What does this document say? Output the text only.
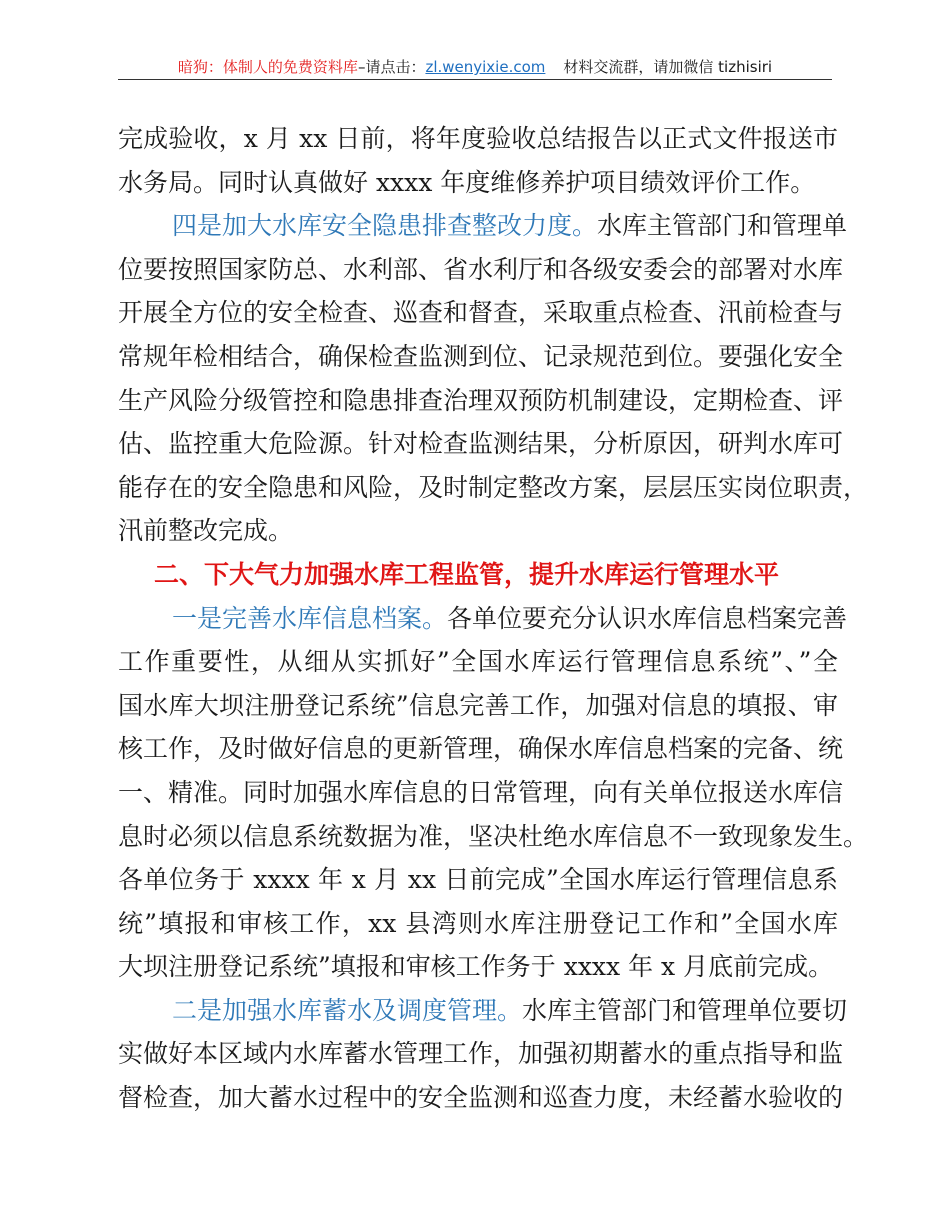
暗狗：体制人的免费资料库–请点击：zl.wenyixie.com 材料交流群，请加微信 tizhisiri
完成验收，x 月 xx 日前，将年度验收总结报告以正式文件报送市
水务局。同时认真做好 xxxx 年度维修养护项目绩效评价工作。
四是加大水库安全隐患排查整改力度。水库主管部门和管理单
位要按照国家防总、水利部、省水利厅和各级安委会的部署对水库
开展全方位的安全检查、巡查和督查，采取重点检查、汛前检查与
常规年检相结合，确保检查监测到位、记录规范到位。要强化安全
生产风险分级管控和隐患排查治理双预防机制建设，定期检查、评
估、监控重大危险源。针对检查监测结果，分析原因，研判水库可
能存在的安全隐患和风险，及时制定整改方案，层层压实岗位职责，
汛前整改完成。
二、下大气力加强水库工程监管，提升水库运行管理水平
一是完善水库信息档案。各单位要充分认识水库信息档案完善
工作重要性，从细从实抓好”全国水库运行管理信息系统”、”全
国水库大坝注册登记系统”信息完善工作，加强对信息的填报、审
核工作，及时做好信息的更新管理，确保水库信息档案的完备、统
一、精准。同时加强水库信息的日常管理，向有关单位报送水库信
息时必须以信息系统数据为准，坚决杜绝水库信息不一致现象发生。
各单位务于 xxxx 年 x 月 xx 日前完成”全国水库运行管理信息系
统”填报和审核工作，xx 县湾则水库注册登记工作和”全国水库
大坝注册登记系统”填报和审核工作务于 xxxx 年 x 月底前完成。
二是加强水库蓄水及调度管理。水库主管部门和管理单位要切
实做好本区域内水库蓄水管理工作，加强初期蓄水的重点指导和监
督检查，加大蓄水过程中的安全监测和巡查力度，未经蓄水验收的
